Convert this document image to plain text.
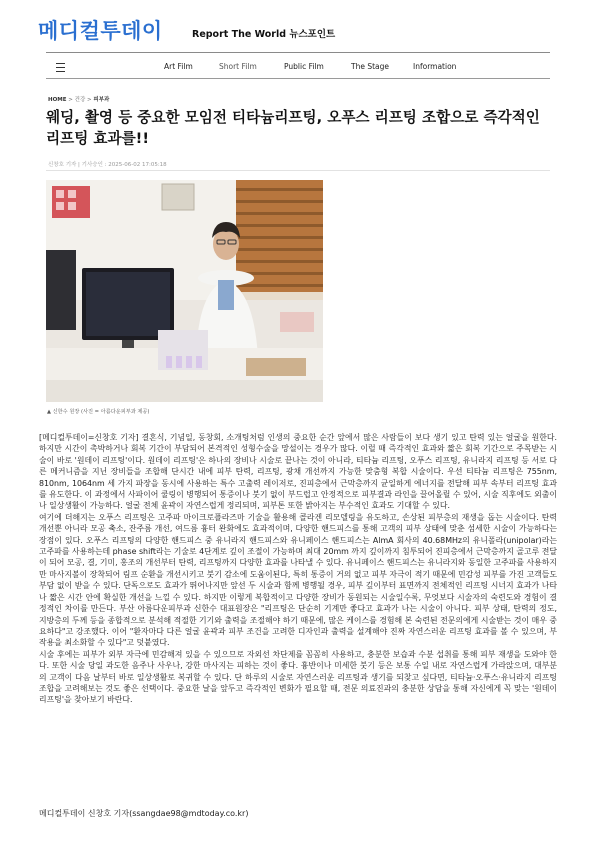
메디컬투데이	Report The World 뉴스포인트
Art Film	Short Film	Public Film	The Stage	Information
HOME > 건강 > 피부과
웨딩, 촬영 등 중요한 모임전 티타늄리프팅, 오푸스 리프팅 조합으로 즉각적인 리프팅 효과를!!
신창호 기자 | 기사승인 : 2025-06-02 17:05:18
▲ 신한수 원장 (사진 = 아름다운피부과 제공)

[메디컬투데이=신창호 기자] 결혼식, 기념일, 동창회, 소개팅처럼 인생의 중요한 순간 앞에서 많은 사람들이 보다 생기 있고 탄력 있는 얼굴을 원한다. 하지만 시간이 촉박하거나 회복 기간이 부담되어 본격적인 성형수술을 망설이는 경우가 많다. 이럴 때 즉각적인 효과와 짧은 회복 기간으로 주목받는 시술이 바로 '원데이 리프팅'이다. 원데이 리프팅'은 하나의 장비나 시술로 끝나는 것이 아니라, 티타늄 리프팅, 오푸스 리프팅, 유니라지 리프팅 등 서로 다른 메커니즘을 지닌 장비들을 조합해 단시간 내에 피부 탄력, 리프팅, 광채 개선까지 가능한 맞춤형 복합 시술이다. 우선 티타늄 리프팅은 755nm, 810nm, 1064nm 세 가지 파장을 동시에 사용하는 특수 고출력 레이저로, 진피층에서 근막층까지 균일하게 에너지를 전달해 피부 속부터 리프팅 효과를 유도한다. 이 과정에서 사파이어 쿨링이 병행되어 통증이나 붓기 없이 부드럽고 안정적으로 피부결과 라인을 끌어올릴 수 있어, 시술 직후에도 외출이나 일상생활이 가능하다. 얼굴 전체 윤곽이 자연스럽게 정리되며, 피부톤 또한 밝아지는 부수적인 효과도 기대할 수 있다.

여기에 더해지는 오푸스 리프팅은 고주파 마이크로플라즈마 기술을 활용해 콜라겐 리모델링을 유도하고, 손상된 피부층의 재생을 돕는 시술이다. 탄력 개선뿐 아니라 모공 축소, 잔주름 개선, 여드름 흉터 완화에도 효과적이며, 다양한 핸드피스를 통해 고객의 피부 상태에 맞춘 섬세한 시술이 가능하다는 장점이 있다. 오푸스 리프팅의 다양한 핸드피스 중 유니라지 핸드피스와 유니페이스 핸드피스는 AlmA 회사의 40.68MHz의 유니폴라(unipolar)라는 고주파를 사용하는데 phase shift라는 기술로 4단계로 깊이 조절이 가능하며 최대 20mm 까지 깊이까지 침투되어 진피층에서 근막층까지 골고루 전달이 되어 모공, 결, 기미, 홍조의 개선부터 탄력, 리프팅까지 다양한 효과를 나타낼 수 있다. 유니페이스 핸드피스는 유니라지와 동일한 고주파를 사용하지만 마사지볼이 장착되어 림프 순환을 개선시키고 붓기 감소에 도움이된다, 특히 통증이 거의 없고 피부 자극이 적기 때문에 민감성 피부를 가진 고객들도 부담 없이 받을 수 있다. 단독으로도 효과가 뛰어나지만 앞선 두 시술과 함께 병행될 경우, 피부 깊이부터 표면까지 전체적인 리프팅 시너지 효과가 나타나 짧은 시간 안에 확실한 개선을 느낄 수 있다. 하지만 이렇게 복합적이고 다양한 장비가 동원되는 시술일수록, 무엇보다 시술자의 숙련도와 경험이 결정적인 차이를 만든다. 부산 아름다운피부과 신한수 대표원장은 "리프팅은 단순히 기계만 좋다고 효과가 나는 시술이 아니다. 피부 상태, 탄력의 정도, 지방층의 두께 등을 종합적으로 분석해 적절한 기기와 출력을 조절해야 하기 때문에, 많은 케이스를 경험해 본 숙련된 전문의에게 시술받는 것이 매우 중요하다"고 강조했다. 이어 "환자마다 다른 얼굴 윤곽과 피부 조건을 고려한 디자인과 출력을 설계해야 진짜 자연스러운 리프팅 효과를 볼 수 있으며, 부작용을 최소화할 수 있다"고 덧붙였다.

시술 후에는 피부가 외부 자극에 민감해져 있을 수 있으므로 자외선 차단제를 꼼꼼히 사용하고, 충분한 보습과 수분 섭취를 통해 피부 재생을 도와야 한다. 또한 시술 당일 과도한 음주나 사우나, 강한 마사지는 피하는 것이 좋다. 흉반이나 미세한 붓기 등은 보통 수일 내로 자연스럽게 가라앉으며, 대부분의 고객이 다음 날부터 바로 일상생활로 복귀할 수 있다. 단 하루의 시술로 자연스러운 리프팅과 생기를 되찾고 싶다면, 티타늄·오푸스·유니라지 리프팅 조합을 고려해보는 것도 좋은 선택이다. 중요한 날을 앞두고 즉각적인 변화가 필요할 때, 전문 의료진과의 충분한 상담을 통해 자신에게 꼭 맞는 '원데이 리프팅'을 찾아보기 바란다.

메디컬투데이 신창호 기자(ssangdae98@mdtoday.co.kr)
